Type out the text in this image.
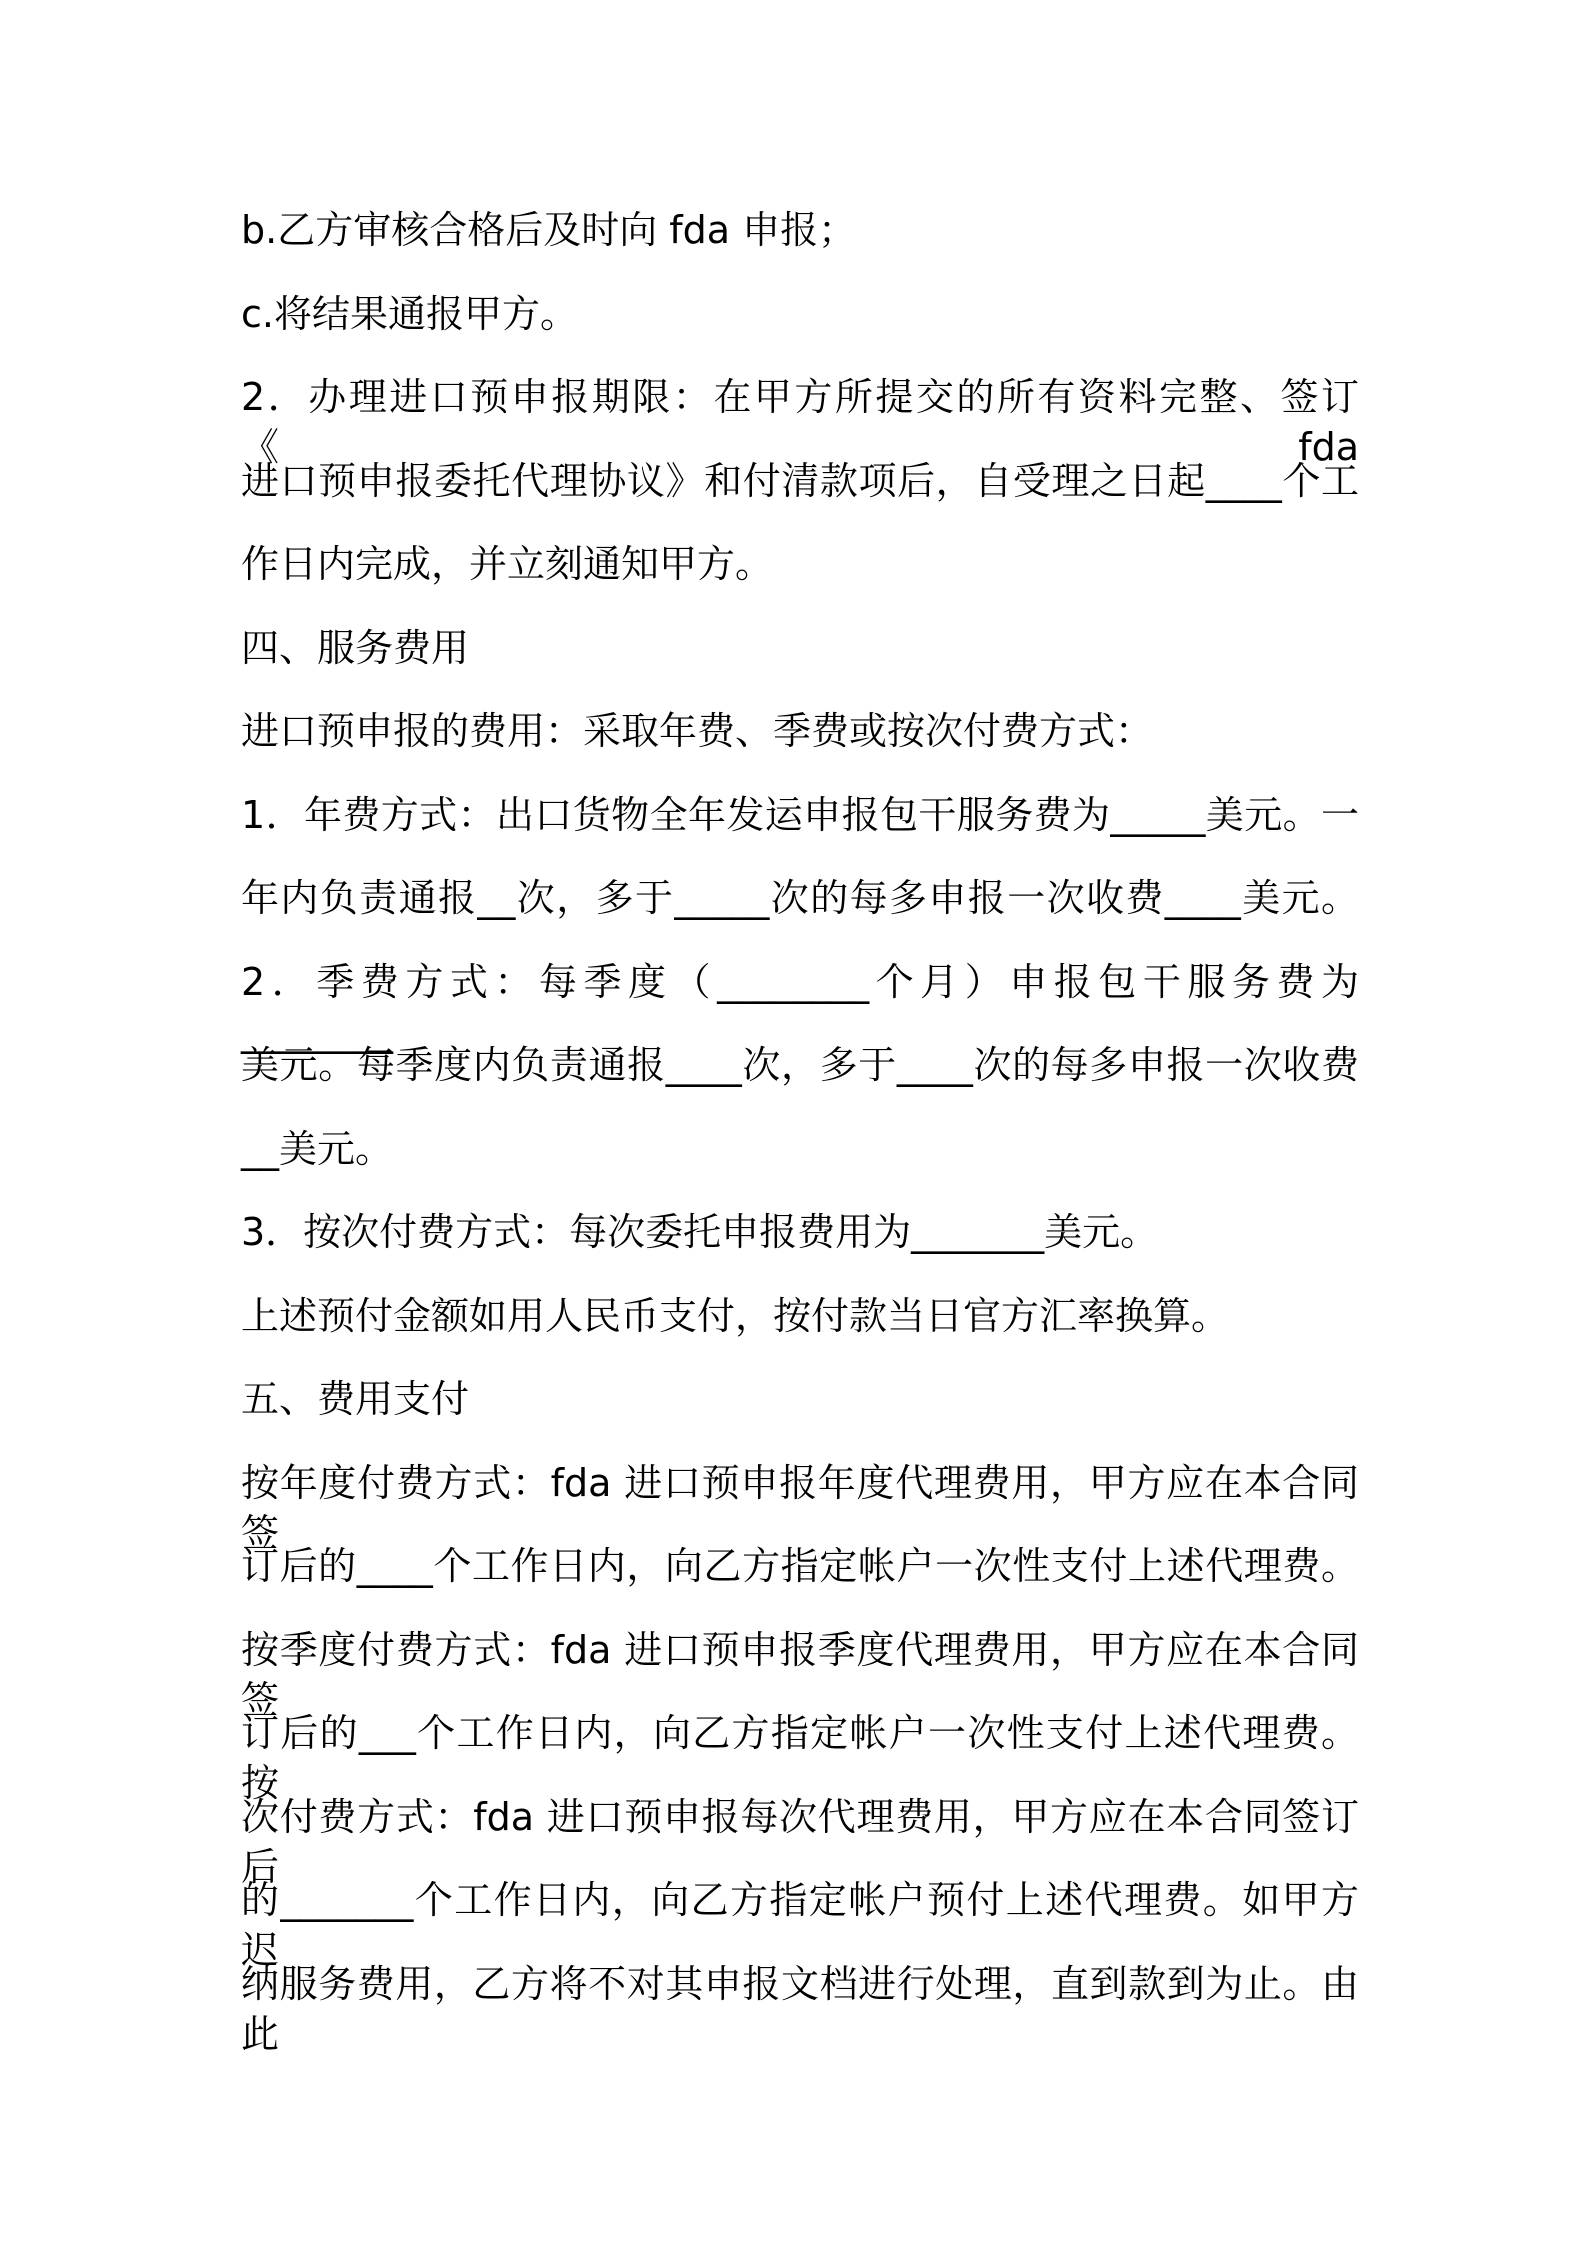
b.乙方审核合格后及时向 fda 申报；
c.将结果通报甲方。
2．办理进口预申报期限：在甲方所提交的所有资料完整、签订《fda
进口预申报委托代理协议》和付清款项后，自受理之日起____个工
作日内完成，并立刻通知甲方。
四、服务费用
进口预申报的费用：采取年费、季费或按次付费方式：
1．年费方式：出口货物全年发运申报包干服务费为_____美元。一
年内负责通报__次，多于_____次的每多申报一次收费____美元。
2．季费方式：每季度（________个月）申报包干服务费为________
美元。每季度内负责通报____次，多于____次的每多申报一次收费
__美元。
3．按次付费方式：每次委托申报费用为_______美元。
上述预付金额如用人民币支付，按付款当日官方汇率换算。
五、费用支付
按年度付费方式：fda 进口预申报年度代理费用，甲方应在本合同签
订后的____个工作日内，向乙方指定帐户一次性支付上述代理费。
按季度付费方式：fda 进口预申报季度代理费用，甲方应在本合同签
订后的___个工作日内，向乙方指定帐户一次性支付上述代理费。按
次付费方式：fda 进口预申报每次代理费用，甲方应在本合同签订后
的_______个工作日内，向乙方指定帐户预付上述代理费。如甲方迟
纳服务费用，乙方将不对其申报文档进行处理，直到款到为止。由此
